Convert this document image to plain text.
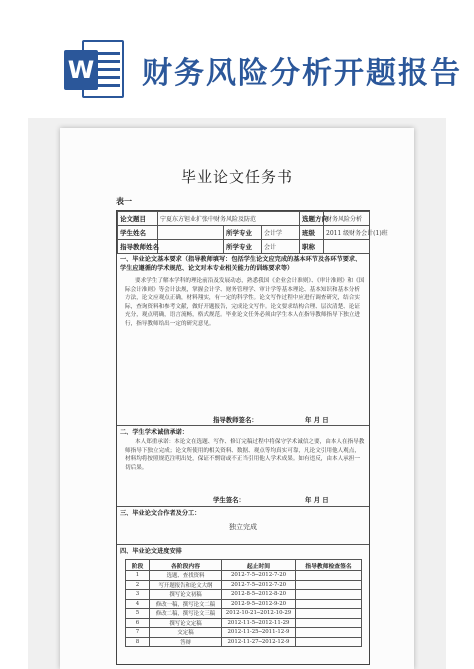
W 财务风险分析开题报告
毕业论文任务书
表一
论文题目	宁夏东方钽业扩张中财务风险及防范			选题方向	财务风险分析
学生姓名		所学专业	会计学	班级	2011 级财务会计(1)班
指导教师姓名		所学专业	会计	职称	
一、毕业论文基本要求（指导教师填写：包括学生论文应完成的基本环节及各环节要求、学生应遵循的学术规范、论文对本专业相关能力的训练要求等）
要求学生了解本学科的理论前沿及发展动态，熟悉我国《企业会计准则》、《审计准则》和《国际会计准则》等会计法规，掌握会计学、财务管理学、审计学等基本理论、基本知识和基本分析方法，论文应观点正确，材料翔实，有一定的科学性。论文写作过程中应进行调查研究，结合实际，查询资料和参考文献，做好开题报告，完成论文写作。论文要求结构合理、层次清楚、论证充分，观点明确，语言流畅，格式规范。毕业论文任务必须由学生本人在指导教师指导下独立进行，指导教师给出一定的研究意见。
指导教师签名：	年 月 日
二、学生学术诚信承诺：
本人郑重承诺：本论文在选题、写作、修订完稿过程中将保守学术诚信之要，由本人在指导教师指导下独立完成；论文所使用的相关资料、数据、观点等均真实可靠，凡论文引用他人观点，材料均将按照规范注明出处，保证不剽窃或不正当引用他人学术成果。如有违反，由本人承担一切后果。
学生签名：	年 月 日
三、毕业论文合作者及分工：
独立完成
四、毕业论文进度安排
阶段	各阶段内容	起止时间	指导教师检查签名
1	选题、查找资料	2012-7-5─2012-7-20	
2	写开题报告和论文大纲	2012-7-5─2012-7-20	
3	撰写论文初稿	2012-8-5─2012-8-20	
4	修改一稿，撰写论文二稿	2012-9-5─2012-9-20	
5	修改二稿，撰写论文三稿	2012-10-21─2012-10-29	
6	撰写论文定稿	2012-11-5─2012-11-29	
7	交定稿	2012-11-25─2011-12-9	
8	答辩	2012-11-27─2012-12-9	
